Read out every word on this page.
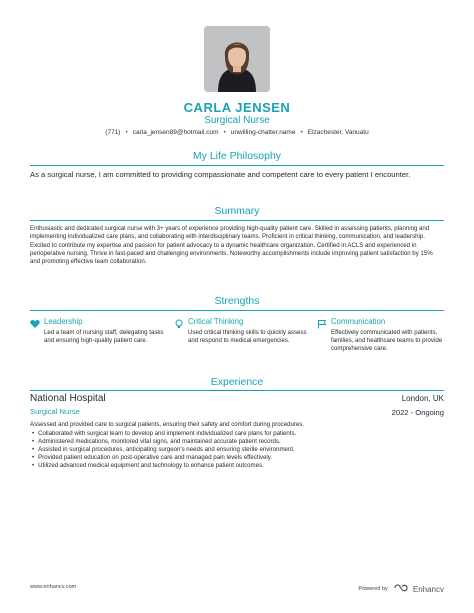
CARLA JENSEN
Surgical Nurse
(771) • carla_jensen89@hotmail.com • unwilling-chatter.name • Elzachester, Vanuatu
My Life Philosophy
As a surgical nurse, I am committed to providing compassionate and competent care to every patient I encounter.
Summary
Enthusiastic and dedicated surgical nurse with 3+ years of experience providing high-quality patient care. Skilled in assessing patients, planning and implementing individualized care plans, and collaborating with interdisciplinary teams. Proficient in critical thinking, communication, and leadership. Excited to contribute my expertise and passion for patient advocacy to a dynamic healthcare organization. Certified in ACLS and experienced in perioperative nursing. Thrive in fast-paced and challenging environments. Noteworthy accomplishments include improving patient satisfaction by 15% and promoting effective team collaboration.
Strengths
Leadership
Led a team of nursing staff, delegating tasks and ensuring high-quality patient care.
Critical Thinking
Used critical thinking skills to quickly assess and respond to medical emergencies.
Communication
Effectively communicated with patients, families, and healthcare teams to provide comprehensive care.
Experience
National Hospital	London, UK
Surgical Nurse	2022 - Ongoing
Assessed and provided care to surgical patients, ensuring their safety and comfort during procedures.
• Collaborated with surgical team to develop and implement individualized care plans for patients.
• Administered medications, monitored vital signs, and maintained accurate patient records.
• Assisted in surgical procedures, anticipating surgeon's needs and ensuring sterile environment.
• Provided patient education on post-operative care and managed pain levels effectively.
• Utilized advanced medical equipment and technology to enhance patient outcomes.
www.enhancv.com	Powered by	Enhancv
